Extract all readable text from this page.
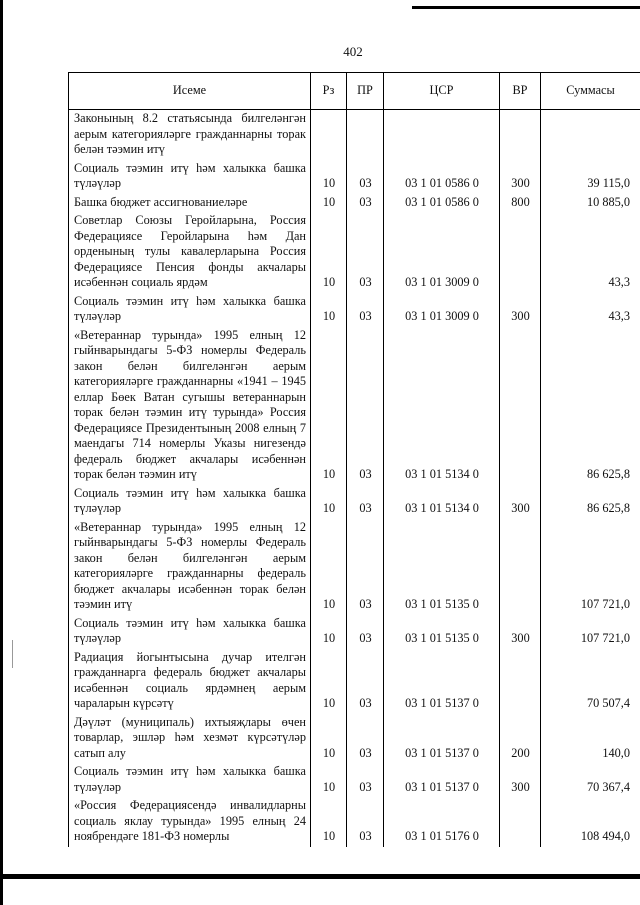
402
Исеме	Рз	ПР	ЦСР	ВР	Суммасы
Законының 8.2 статьясында билгеләнгән аерым категорияләрге гражданнарны торак белән тәэмин итү					
Социаль тәэмин итү һәм халыкка башка түләүләр	10	03	03 1 01 0586 0	300	39 115,0
Башка бюджет ассигнованиеләре	10	03	03 1 01 0586 0	800	10 885,0
Советлар Союзы Геройларына, Россия Федерациясе Геройларына һәм Дан орденының тулы кавалерларына Россия Федерациясе Пенсия фонды акчалары исәбеннән социаль ярдәм	10	03	03 1 01 3009 0		43,3
Социаль тәэмин итү һәм халыкка башка түләүләр	10	03	03 1 01 3009 0	300	43,3
«Ветераннар турында» 1995 елның 12 гыйнварындагы 5-ФЗ номерлы Федераль закон белән билгеләнгән аерым категорияләрге гражданнарны «1941 – 1945 еллар Бөек Ватан сугышы ветераннарын торак белән тәэмин итү турында» Россия Федерациясе Президентының 2008 елның 7 маендагы 714 номерлы Указы нигезендә федераль бюджет акчалары исәбеннән торак белән тәэмин итү	10	03	03 1 01 5134 0		86 625,8
Социаль тәэмин итү һәм халыкка башка түләүләр	10	03	03 1 01 5134 0	300	86 625,8
«Ветераннар турында» 1995 елның 12 гыйнварындагы 5-ФЗ номерлы Федераль закон белән билгеләнгән аерым категорияләрге гражданнарны федераль бюджет акчалары исәбеннән торак белән тәэмин итү	10	03	03 1 01 5135 0		107 721,0
Социаль тәэмин итү һәм халыкка башка түләүләр	10	03	03 1 01 5135 0	300	107 721,0
Радиация йогынтысына дучар ителгән гражданнарга федераль бюджет акчалары исәбеннән социаль ярдәмнең аерым чараларын күрсәтү	10	03	03 1 01 5137 0		70 507,4
Дәүләт (муниципаль) ихтыяҗлары өчен товарлар, эшләр һәм хезмәт күрсәтүләр сатып алу	10	03	03 1 01 5137 0	200	140,0
Социаль тәэмин итү һәм халыкка башка түләүләр	10	03	03 1 01 5137 0	300	70 367,4
«Россия Федерациясендә инвалидларны социаль яклау турында» 1995 елның 24 ноябрендәге 181-ФЗ номерлы	10	03	03 1 01 5176 0		108 494,0
